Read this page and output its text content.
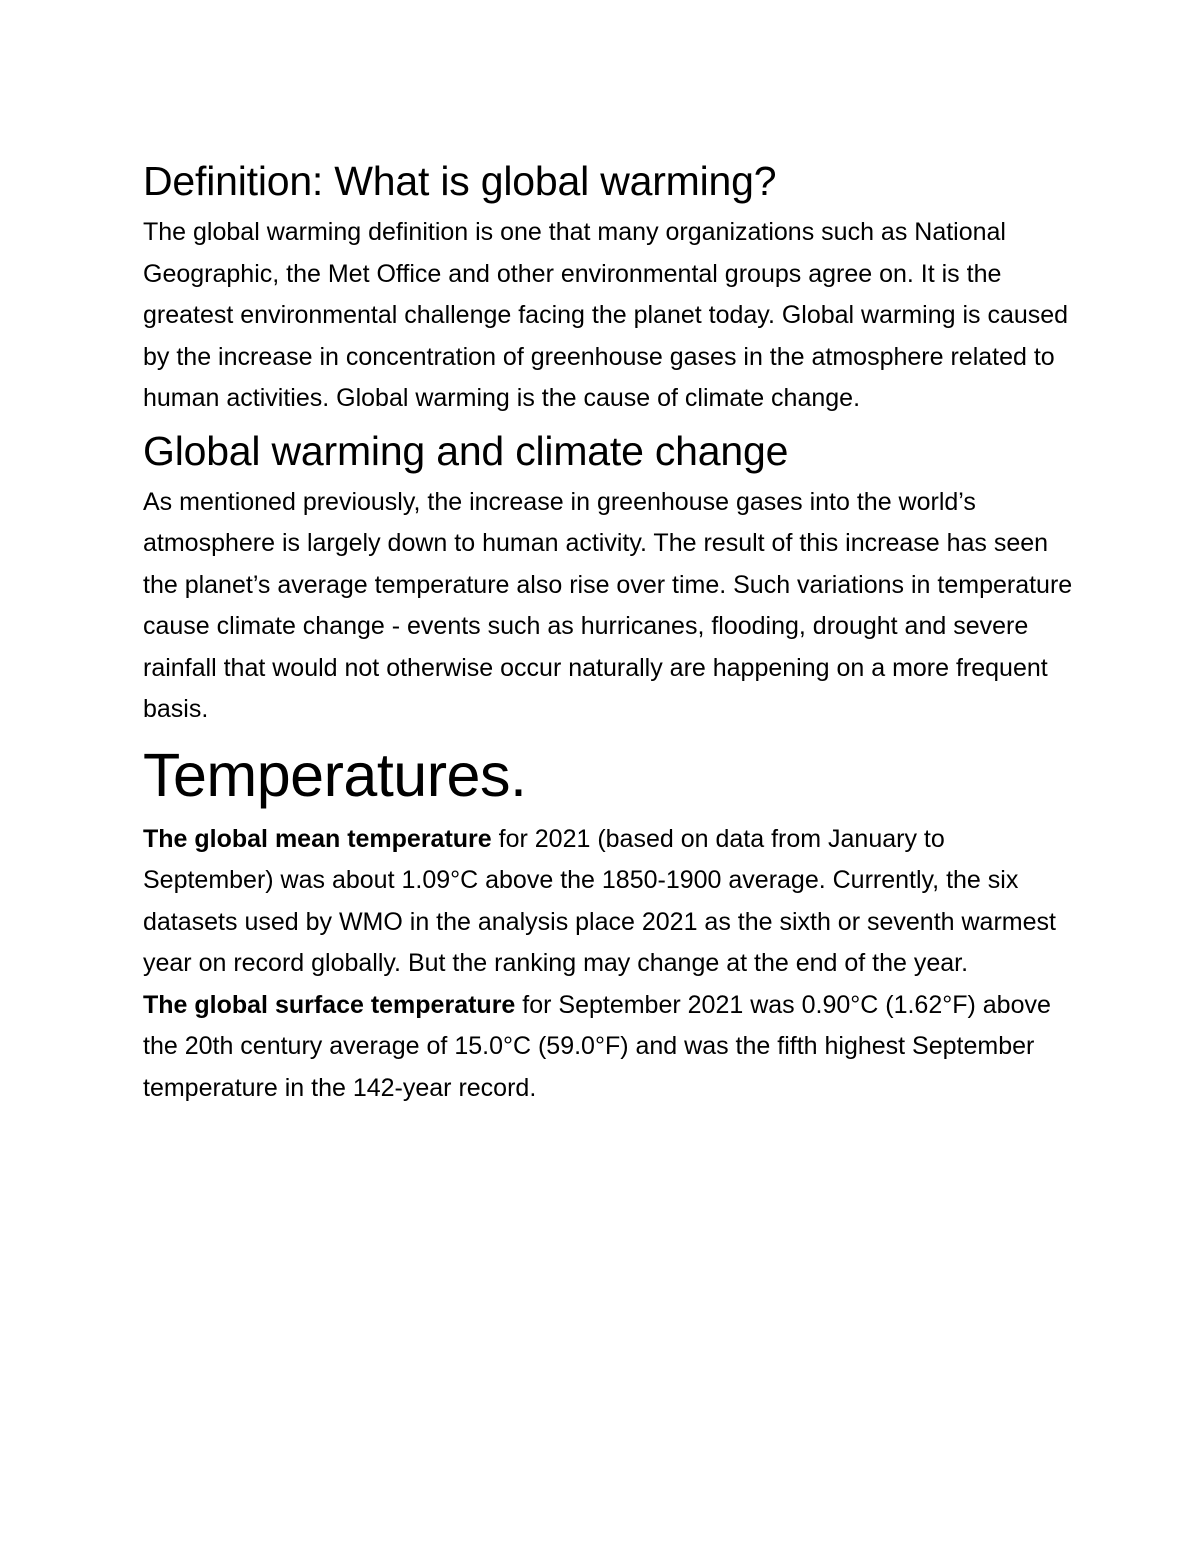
Definition: What is global warming?

The global warming definition is one that many organizations such as National Geographic, the Met Office and other environmental groups agree on. It is the greatest environmental challenge facing the planet today. Global warming is caused by the increase in concentration of greenhouse gases in the atmosphere related to human activities. Global warming is the cause of climate change.

Global warming and climate change

As mentioned previously, the increase in greenhouse gases into the world’s atmosphere is largely down to human activity. The result of this increase has seen the planet’s average temperature also rise over time. Such variations in temperature cause climate change - events such as hurricanes, flooding, drought and severe rainfall that would not otherwise occur naturally are happening on a more frequent basis.

Temperatures.

The global mean temperature for 2021 (based on data from January to September) was about 1.09°C above the 1850-1900 average. Currently, the six datasets used by WMO in the analysis place 2021 as the sixth or seventh warmest year on record globally. But the ranking may change at the end of the year.

The global surface temperature for September 2021 was 0.90°C (1.62°F) above the 20th century average of 15.0°C (59.0°F) and was the fifth highest September temperature in the 142-year record.
